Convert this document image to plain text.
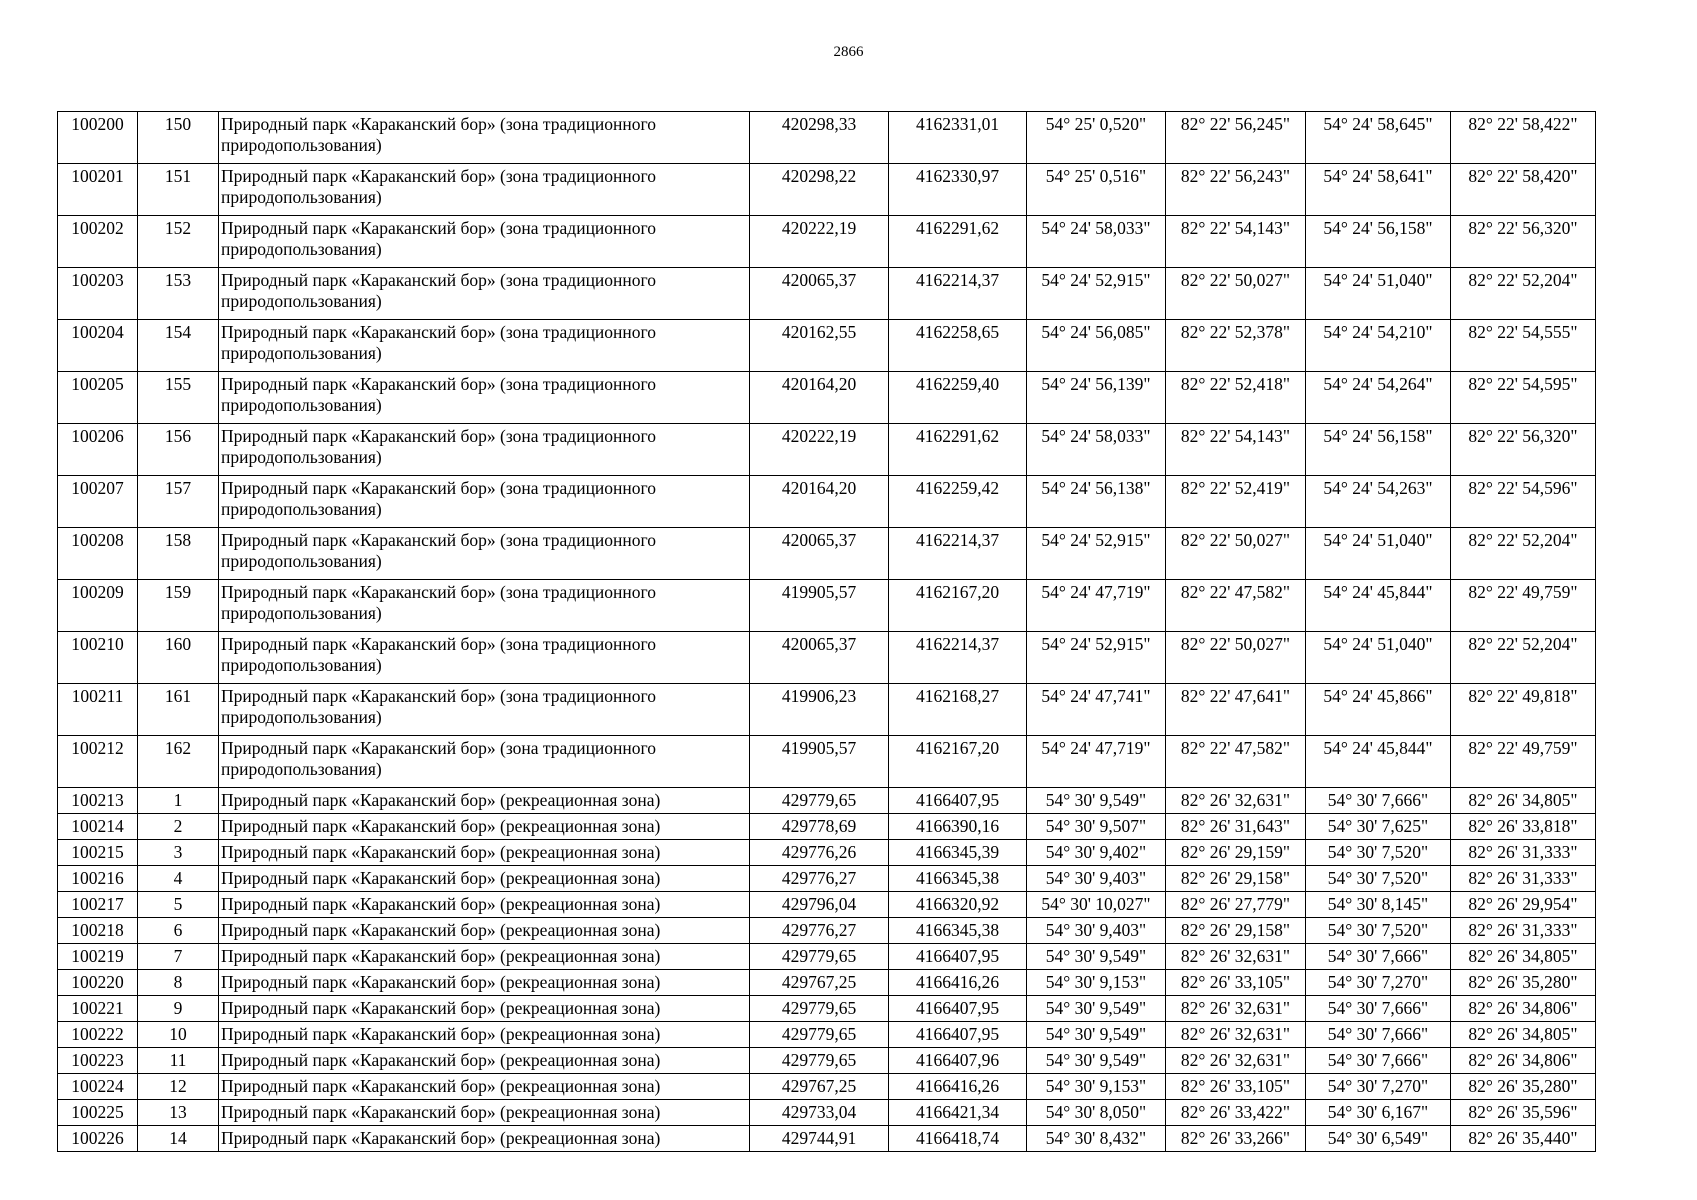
2866
100200	150	Природный парк «Караканский бор» (зона традиционного природопользования)	420298,33	4162331,01	54° 25' 0,520"	82° 22' 56,245"	54° 24' 58,645"	82° 22' 58,422"
100201	151	Природный парк «Караканский бор» (зона традиционного природопользования)	420298,22	4162330,97	54° 25' 0,516"	82° 22' 56,243"	54° 24' 58,641"	82° 22' 58,420"
100202	152	Природный парк «Караканский бор» (зона традиционного природопользования)	420222,19	4162291,62	54° 24' 58,033"	82° 22' 54,143"	54° 24' 56,158"	82° 22' 56,320"
100203	153	Природный парк «Караканский бор» (зона традиционного природопользования)	420065,37	4162214,37	54° 24' 52,915"	82° 22' 50,027"	54° 24' 51,040"	82° 22' 52,204"
100204	154	Природный парк «Караканский бор» (зона традиционного природопользования)	420162,55	4162258,65	54° 24' 56,085"	82° 22' 52,378"	54° 24' 54,210"	82° 22' 54,555"
100205	155	Природный парк «Караканский бор» (зона традиционного природопользования)	420164,20	4162259,40	54° 24' 56,139"	82° 22' 52,418"	54° 24' 54,264"	82° 22' 54,595"
100206	156	Природный парк «Караканский бор» (зона традиционного природопользования)	420222,19	4162291,62	54° 24' 58,033"	82° 22' 54,143"	54° 24' 56,158"	82° 22' 56,320"
100207	157	Природный парк «Караканский бор» (зона традиционного природопользования)	420164,20	4162259,42	54° 24' 56,138"	82° 22' 52,419"	54° 24' 54,263"	82° 22' 54,596"
100208	158	Природный парк «Караканский бор» (зона традиционного природопользования)	420065,37	4162214,37	54° 24' 52,915"	82° 22' 50,027"	54° 24' 51,040"	82° 22' 52,204"
100209	159	Природный парк «Караканский бор» (зона традиционного природопользования)	419905,57	4162167,20	54° 24' 47,719"	82° 22' 47,582"	54° 24' 45,844"	82° 22' 49,759"
100210	160	Природный парк «Караканский бор» (зона традиционного природопользования)	420065,37	4162214,37	54° 24' 52,915"	82° 22' 50,027"	54° 24' 51,040"	82° 22' 52,204"
100211	161	Природный парк «Караканский бор» (зона традиционного природопользования)	419906,23	4162168,27	54° 24' 47,741"	82° 22' 47,641"	54° 24' 45,866"	82° 22' 49,818"
100212	162	Природный парк «Караканский бор» (зона традиционного природопользования)	419905,57	4162167,20	54° 24' 47,719"	82° 22' 47,582"	54° 24' 45,844"	82° 22' 49,759"
100213	1	Природный парк «Караканский бор» (рекреационная зона)	429779,65	4166407,95	54° 30' 9,549"	82° 26' 32,631"	54° 30' 7,666"	82° 26' 34,805"
100214	2	Природный парк «Караканский бор» (рекреационная зона)	429778,69	4166390,16	54° 30' 9,507"	82° 26' 31,643"	54° 30' 7,625"	82° 26' 33,818"
100215	3	Природный парк «Караканский бор» (рекреационная зона)	429776,26	4166345,39	54° 30' 9,402"	82° 26' 29,159"	54° 30' 7,520"	82° 26' 31,333"
100216	4	Природный парк «Караканский бор» (рекреационная зона)	429776,27	4166345,38	54° 30' 9,403"	82° 26' 29,158"	54° 30' 7,520"	82° 26' 31,333"
100217	5	Природный парк «Караканский бор» (рекреационная зона)	429796,04	4166320,92	54° 30' 10,027"	82° 26' 27,779"	54° 30' 8,145"	82° 26' 29,954"
100218	6	Природный парк «Караканский бор» (рекреационная зона)	429776,27	4166345,38	54° 30' 9,403"	82° 26' 29,158"	54° 30' 7,520"	82° 26' 31,333"
100219	7	Природный парк «Караканский бор» (рекреационная зона)	429779,65	4166407,95	54° 30' 9,549"	82° 26' 32,631"	54° 30' 7,666"	82° 26' 34,805"
100220	8	Природный парк «Караканский бор» (рекреационная зона)	429767,25	4166416,26	54° 30' 9,153"	82° 26' 33,105"	54° 30' 7,270"	82° 26' 35,280"
100221	9	Природный парк «Караканский бор» (рекреационная зона)	429779,65	4166407,95	54° 30' 9,549"	82° 26' 32,631"	54° 30' 7,666"	82° 26' 34,806"
100222	10	Природный парк «Караканский бор» (рекреационная зона)	429779,65	4166407,95	54° 30' 9,549"	82° 26' 32,631"	54° 30' 7,666"	82° 26' 34,805"
100223	11	Природный парк «Караканский бор» (рекреационная зона)	429779,65	4166407,96	54° 30' 9,549"	82° 26' 32,631"	54° 30' 7,666"	82° 26' 34,806"
100224	12	Природный парк «Караканский бор» (рекреационная зона)	429767,25	4166416,26	54° 30' 9,153"	82° 26' 33,105"	54° 30' 7,270"	82° 26' 35,280"
100225	13	Природный парк «Караканский бор» (рекреационная зона)	429733,04	4166421,34	54° 30' 8,050"	82° 26' 33,422"	54° 30' 6,167"	82° 26' 35,596"
100226	14	Природный парк «Караканский бор» (рекреационная зона)	429744,91	4166418,74	54° 30' 8,432"	82° 26' 33,266"	54° 30' 6,549"	82° 26' 35,440"
